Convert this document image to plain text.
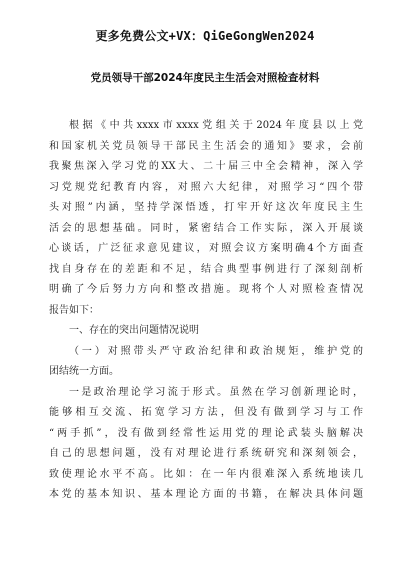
更多免费公文+VX：QiGeGongWen2024
党员领导干部2024年度民主生活会对照检查材料
根据《中共xxxx市xxxx党组关于2024年度县以上党
和国家机关党员领导干部民主生活会的通知》要求，会前
我聚焦深入学习党的XX大、二十届三中全会精神，深入学
习党规党纪教育内容，对照六大纪律，对照学习“四个带
头对照”内涵，坚持学深悟透，打牢开好这次年度民主生
活会的思想基础。同时，紧密结合工作实际，深入开展谈
心谈话，广泛征求意见建议，对照会议方案明确4个方面查
找自身存在的差距和不足，结合典型事例进行了深刻剖析
明确了今后努力方向和整改措施。现将个人对照检查情况
报告如下：
一、存在的突出问题情况说明
（一）对照带头严守政治纪律和政治规矩，维护党的
团结统一方面。
一是政治理论学习流于形式。虽然在学习创新理论时，
能够相互交流、拓宽学习方法，但没有做到学习与工作
“两手抓”，没有做到经常性运用党的理论武装头脑解决
自己的思想问题，没有对理论进行系统研究和深刻领会，
致使理论水平不高。比如：在一年内很难深入系统地读几
本党的基本知识、基本理论方面的书籍，在解决具体问题
